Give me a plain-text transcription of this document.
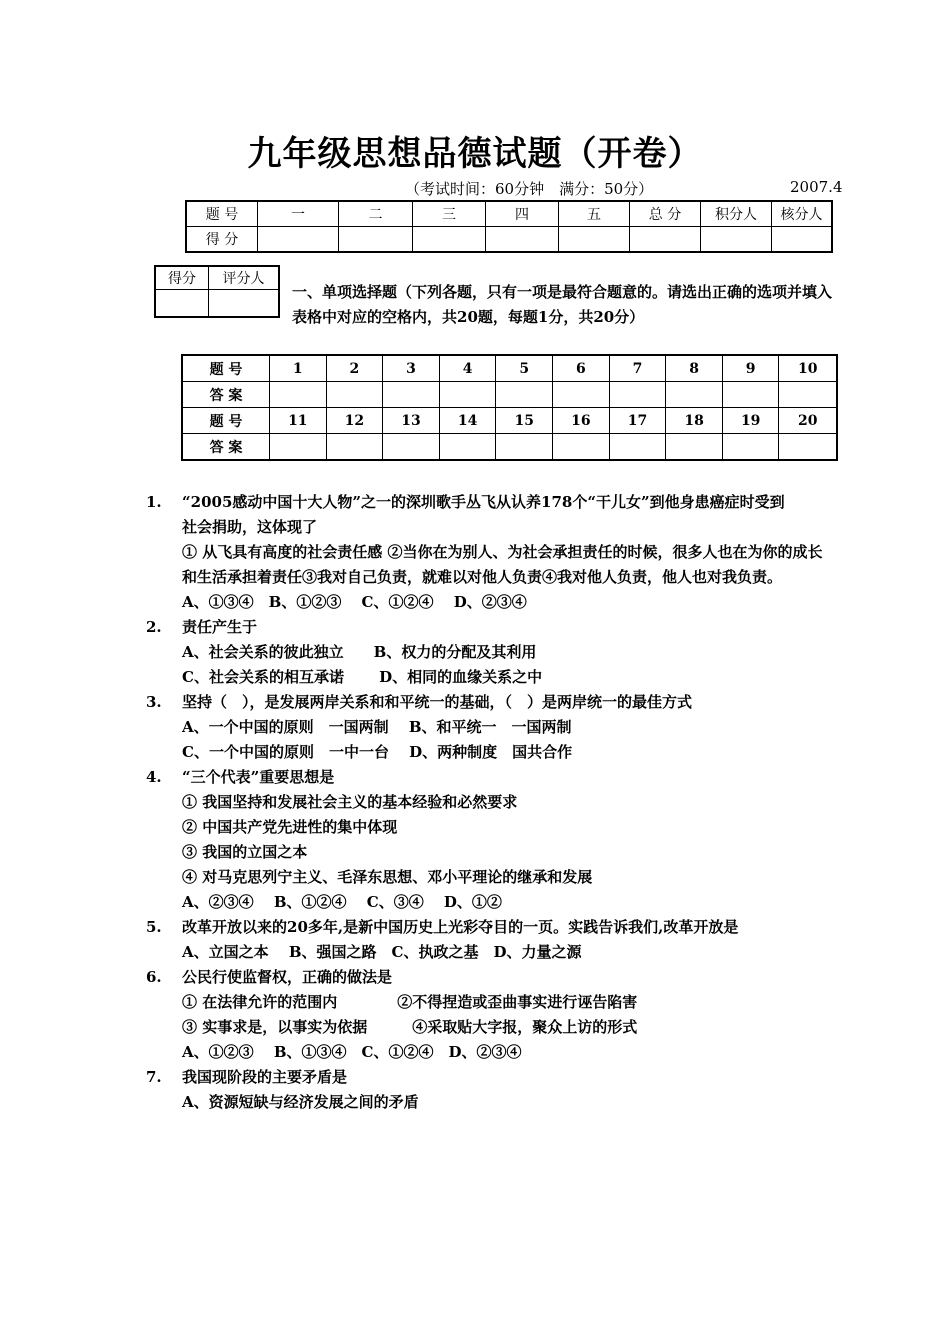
九年级思想品德试题（开卷）
（考试时间：60分钟　满分：50分）	2007.4
题 号	一	二	三	四	五	总 分	积分人	核分人
得 分								
得分	评分人

一、单项选择题（下列各题，只有一项是最符合题意的。请选出正确的选项并填入
表格中对应的空格内，共20题，每题1分，共20分）
题 号	1	2	3	4	5	6	7	8	9	10
答 案										
题 号	11	12	13	14	15	16	17	18	19	20
答 案										
1.	“2005感动中国十大人物”之一的深圳歌手丛飞从认养178个“干儿女”到他身患癌症时受到
社会捐助，这体现了
① 从飞具有高度的社会责任感 ②当你在为别人、为社会承担责任的时候，很多人也在为你的成长
和生活承担着责任③我对自己负责，就难以对他人负责④我对他人负责，他人也对我负责。
A、①③④　B、①②③　 C、①②④　 D、②③④
2.	责任产生于
A、社会关系的彼此独立　　B、权力的分配及其利用
C、社会关系的相互承诺　　 D、相同的血缘关系之中
3.	坚持（　），是发展两岸关系和和平统一的基础，（　）是两岸统一的最佳方式
A、一个中国的原则　一国两制　 B、和平统一　一国两制
C、一个中国的原则　一中一台　 D、两种制度　国共合作
4.	“三个代表”重要思想是
① 我国坚持和发展社会主义的基本经验和必然要求
② 中国共产党先进性的集中体现
③ 我国的立国之本
④ 对马克思列宁主义、毛泽东思想、邓小平理论的继承和发展
A、②③④　 B、①②④　 C、③④　 D、①②
5.	改革开放以来的20多年,是新中国历史上光彩夺目的一页。实践告诉我们,改革开放是
A、立国之本　 B、强国之路　C、执政之基　D、力量之源
6.	公民行使监督权，正确的做法是
① 在法律允许的范围内　　　　②不得捏造或歪曲事实进行诬告陷害
③ 实事求是，以事实为依据　　　④采取贴大字报，聚众上访的形式
A、①②③　 B、①③④　C、①②④　D、②③④
7.	我国现阶段的主要矛盾是
A、资源短缺与经济发展之间的矛盾
